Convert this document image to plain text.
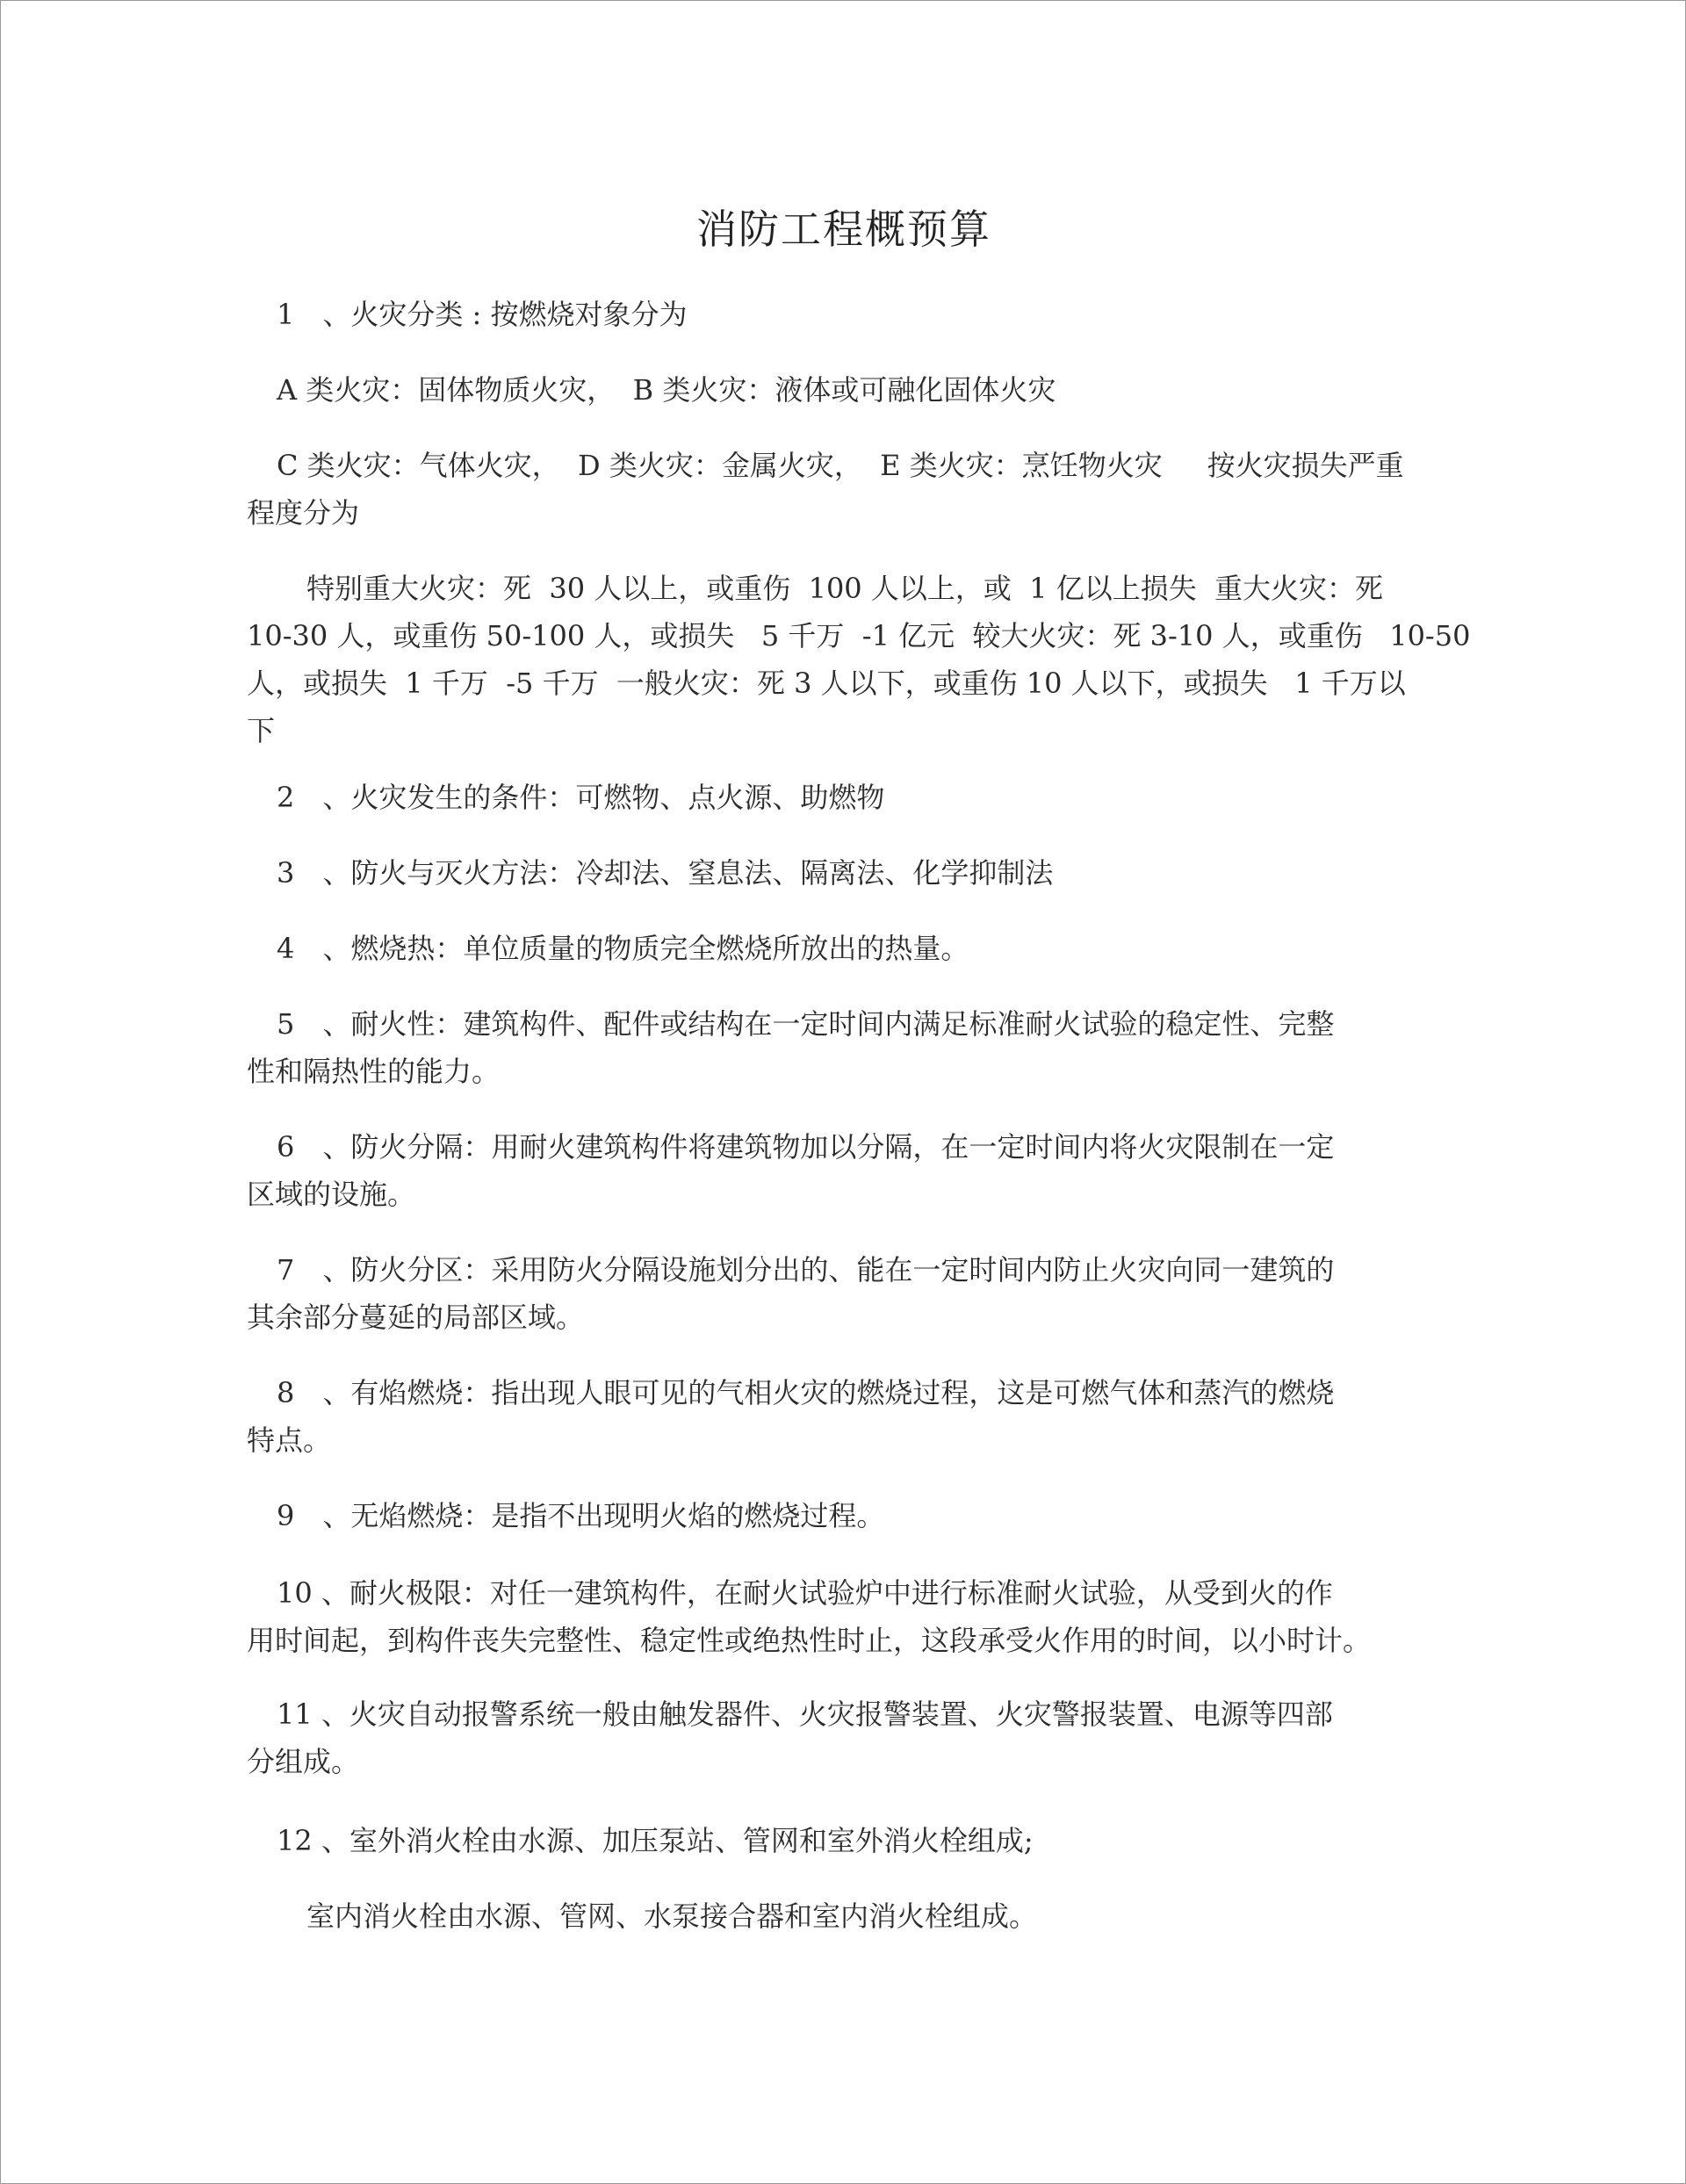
消防工程概预算
1　、火灾分类 : 按燃烧对象分为
A 类火灾：固体物质火灾，  B 类火灾：液体或可融化固体火灾
C 类火灾：气体火灾，  D 类火灾：金属火灾，  E 类火灾：烹饪物火灾     按火灾损失严重
程度分为
特别重大火灾：死  30 人以上，或重伤  100 人以上，或  1 亿以上损失  重大火灾：死
10-30 人，或重伤 50-100 人，或损失   5 千万  -1 亿元  较大火灾：死 3-10 人，或重伤   10-50
人，或损失  1 千万  -5 千万  一般火灾：死 3 人以下，或重伤 10 人以下，或损失   1 千万以
下
2　、火灾发生的条件：可燃物、点火源、助燃物
3　、防火与灭火方法：冷却法、窒息法、隔离法、化学抑制法
4　、燃烧热：单位质量的物质完全燃烧所放出的热量。
5　、耐火性：建筑构件、配件或结构在一定时间内满足标准耐火试验的稳定性、完整
性和隔热性的能力。
6　、防火分隔：用耐火建筑构件将建筑物加以分隔，在一定时间内将火灾限制在一定
区域的设施。
7　、防火分区：采用防火分隔设施划分出的、能在一定时间内防止火灾向同一建筑的
其余部分蔓延的局部区域。
8　、有焰燃烧：指出现人眼可见的气相火灾的燃烧过程，这是可燃气体和蒸汽的燃烧
特点。
9　、无焰燃烧：是指不出现明火焰的燃烧过程。
10 、耐火极限：对任一建筑构件，在耐火试验炉中进行标准耐火试验，从受到火的作
用时间起，到构件丧失完整性、稳定性或绝热性时止，这段承受火作用的时间，以小时计。
11 、火灾自动报警系统一般由触发器件、火灾报警装置、火灾警报装置、电源等四部
分组成。
12 、室外消火栓由水源、加压泵站、管网和室外消火栓组成;
室内消火栓由水源、管网、水泵接合器和室内消火栓组成。
